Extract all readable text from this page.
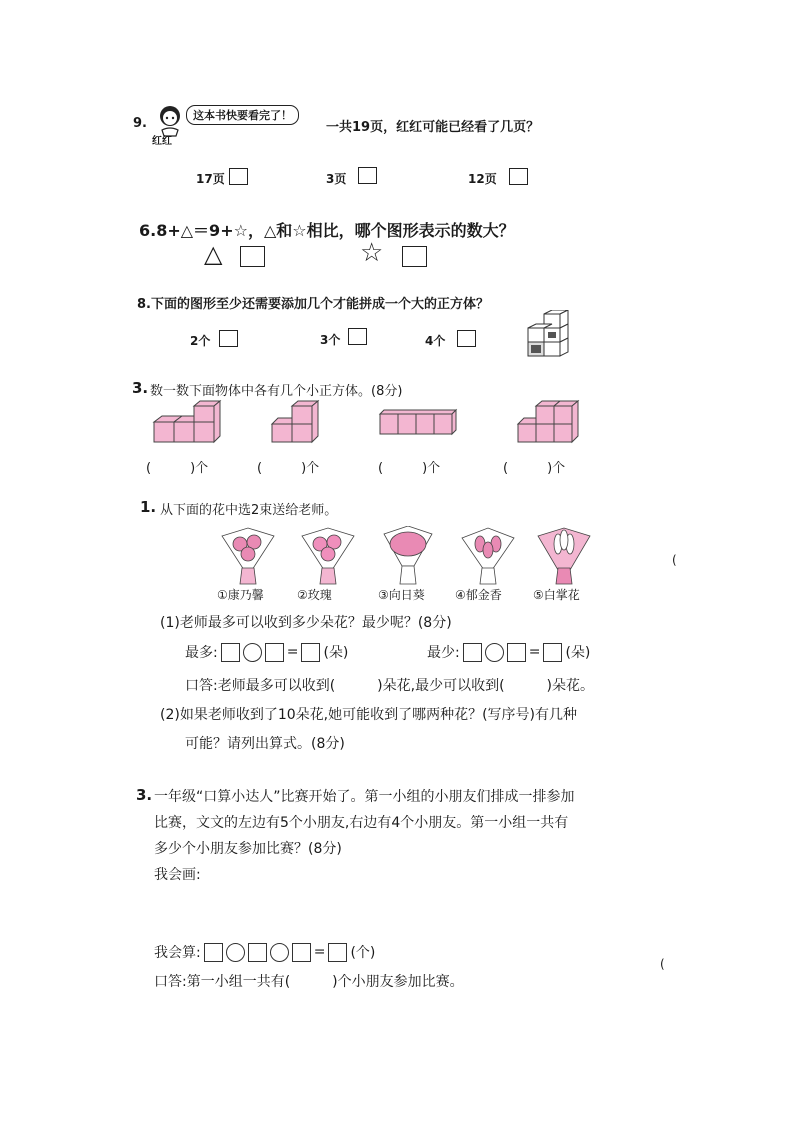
9.
红红
这本书快要看完了！
一共19页，红红可能已经看了几页？
17页	3页	12页
6.8+△＝9+☆，△和☆相比，哪个图形表示的数大？
△	☆
8.下面的图形至少还需要添加几个才能拼成一个大的正方体？
2个	3个	4个
3. 数一数下面物体中各有几个小正方体。(8分)
(　　　)个	(　　　)个	(　　　)个	(　　　)个
1. 从下面的花中选2束送给老师。
①康乃馨	②玫瑰	③向日葵	④郁金香	⑤白掌花
(
(1)老师最多可以收到多少朵花？最少呢？(8分)
最多:	= (朵)	最少:	= (朵)
口答:老师最多可以收到(　　　)朵花,最少可以收到(　　　)朵花。
(2)如果老师收到了10朵花,她可能收到了哪两种花？(写序号)有几种
可能？请列出算式。(8分)
3. 一年级“口算小达人”比赛开始了。第一小组的小朋友们排成一排参加
比赛，文文的左边有5个小朋友,右边有4个小朋友。第一小组一共有
多少个小朋友参加比赛？(8分)
我会画:
我会算:	= (个)
口答:第一小组一共有(　　　)个小朋友参加比赛。
(
